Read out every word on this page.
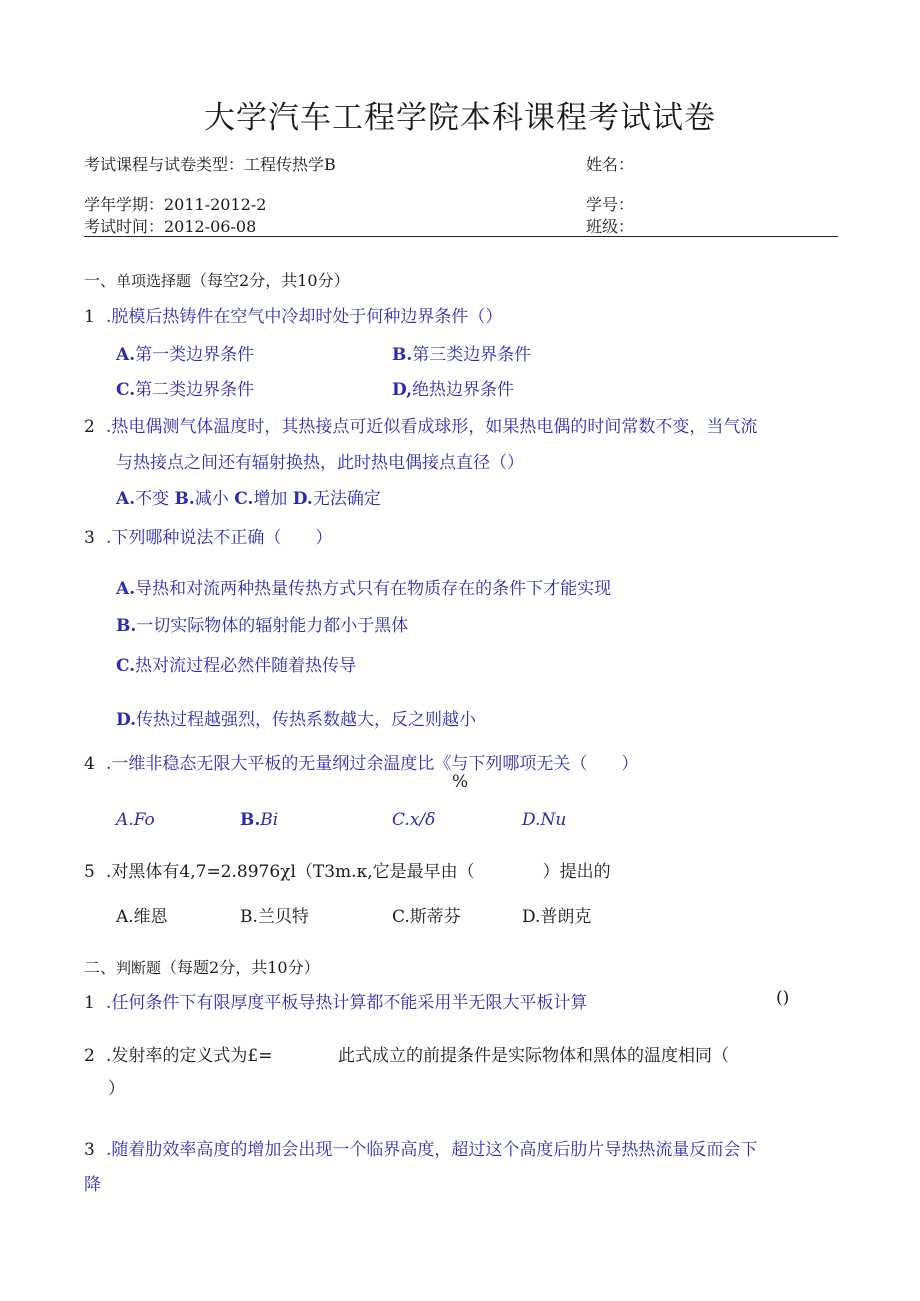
大学汽车工程学院本科课程考试试卷
考试课程与试卷类型：工程传热学B	姓名：
学年学期：2011-2012-2	学号：
考试时间：2012-06-08	班级：
一、单项选择题（每空2分，共10分）
1 .脱模后热铸件在空气中冷却时处于何种边界条件（）
A.第一类边界条件	B.第三类边界条件
C.第二类边界条件	D,绝热边界条件
2 .热电偶测气体温度时，其热接点可近似看成球形，如果热电偶的时间常数不变，当气流
与热接点之间还有辐射换热，此时热电偶接点直径（）
A.不变 B.减小 C.增加 D.无法确定
3 .下列哪种说法不正确（　　）
A.导热和对流两种热量传热方式只有在物质存在的条件下才能实现
B.一切实际物体的辐射能力都小于黑体
C.热对流过程必然伴随着热传导
D.传热过程越强烈，传热系数越大，反之则越小
4 .一维非稳态无限大平板的无量纲过余温度比《与下列哪项无关（　　）
%
A.Fo	B.Bi	C.x/δ	D.Nu
5 .对黑体有4,7=2.8976χl（T3m.κ,它是最早由（　　　　）提出的
A.维恩	B.兰贝特	C.斯蒂芬	D.普朗克
二、判断题（每题2分，共10分）
1 .任何条件下有限厚度平板导热计算都不能采用半无限大平板计算	()
2 .发射率的定义式为£=	此式成立的前提条件是实际物体和黑体的温度相同（
）
3 .随着肋效率高度的增加会出现一个临界高度，超过这个高度后肋片导热热流量反而会下
降
